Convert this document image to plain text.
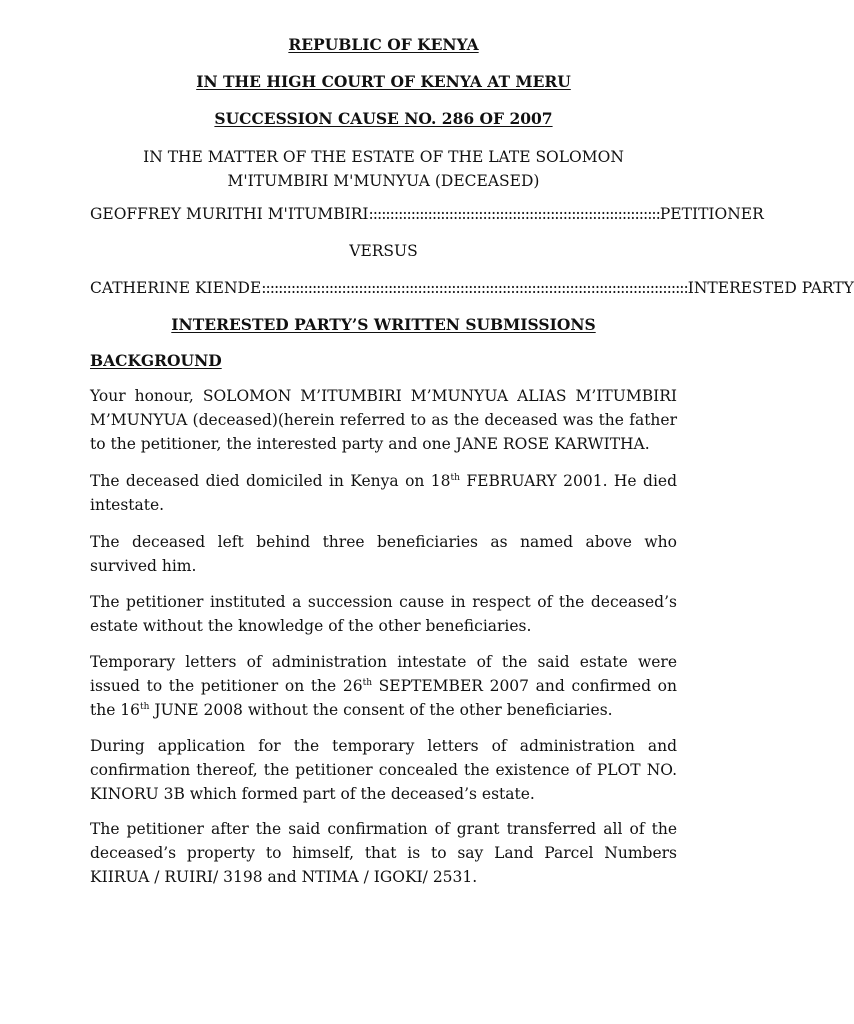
REPUBLIC OF KENYA
IN THE HIGH COURT OF KENYA AT MERU
SUCCESSION CAUSE NO. 286 OF 2007
IN THE MATTER OF THE ESTATE OF THE LATE SOLOMON
M'ITUMBIRI M'MUNYUA (DECEASED)
GEOFFREY MURITHI M'ITUMBIRI ::::::::::::::::::::::::::::::::::::::::::::::::::::::::::::::::::::: PETITIONER
VERSUS
CATHERINE KIENDE ::::::::::::::::::::::::::::::::::::::::::::::::::::::::::::::::::::::::::::::::::::::::::::::::::::: INTERESTED PARTY
INTERESTED PARTY’S WRITTEN SUBMISSIONS
BACKGROUND
Your honour, SOLOMON M’ITUMBIRI M’MUNYUA ALIAS M’ITUMBIRI M’MUNYUA (deceased)(herein referred to as the deceased was the father to the petitioner, the interested party and one JANE ROSE KARWITHA.
The deceased died domiciled in Kenya on 18th FEBRUARY 2001. He died intestate.
The deceased left behind three beneficiaries as named above who survived him.
The petitioner instituted a succession cause in respect of the deceased’s estate without the knowledge of the other beneficiaries.
Temporary letters of administration intestate of the said estate were issued to the petitioner on the 26th SEPTEMBER 2007 and confirmed on the 16th JUNE 2008 without the consent of the other beneficiaries.
During application for the temporary letters of administration and confirmation thereof, the petitioner concealed the existence of PLOT NO. KINORU 3B which formed part of the deceased’s estate.
The petitioner after the said confirmation of grant transferred all of the deceased’s property to himself, that is to say Land Parcel Numbers KIIRUA / RUIRI/ 3198 and NTIMA / IGOKI/ 2531.
